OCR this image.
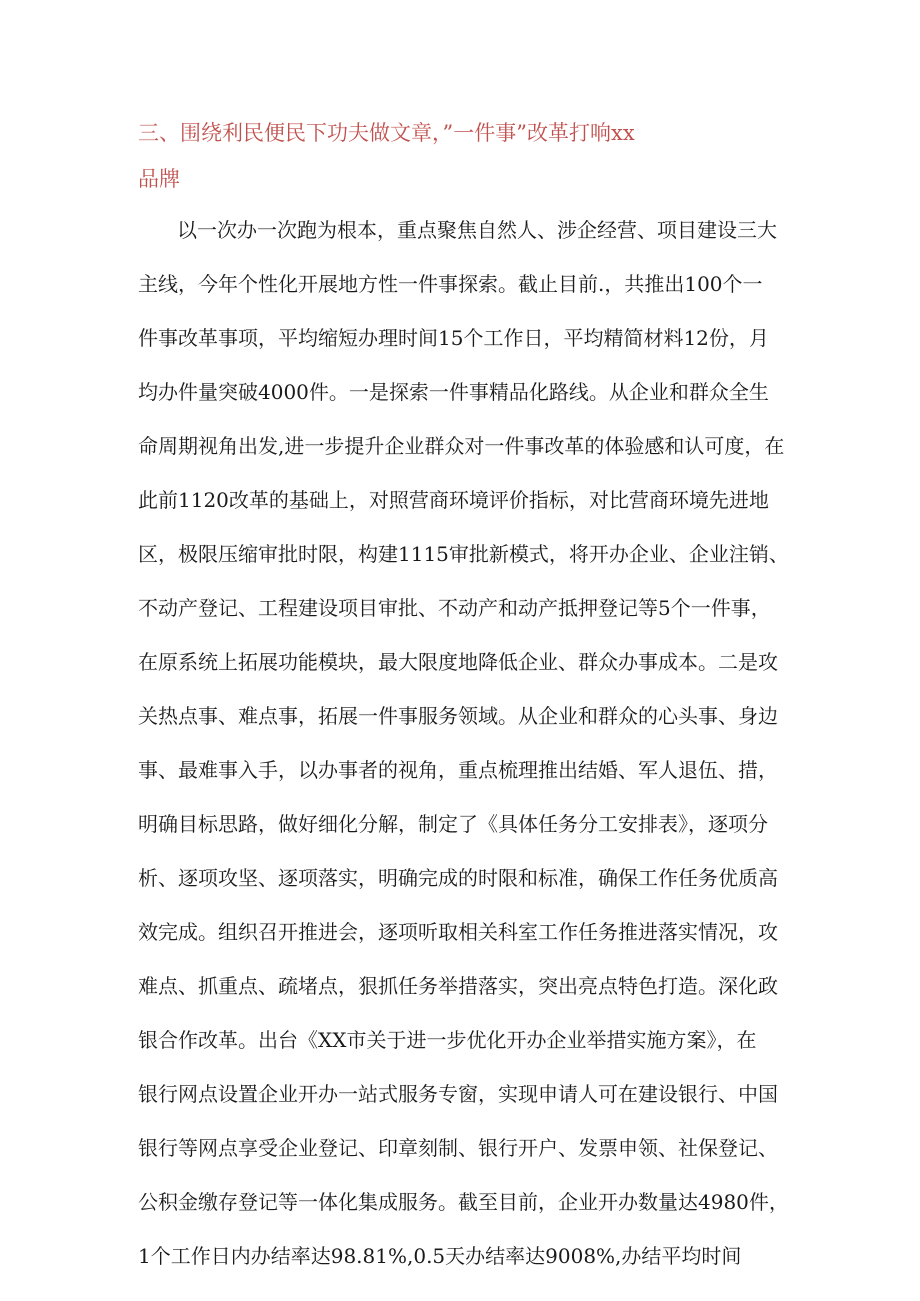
三、围绕利民便民下功夫做文章，”一件事”改革打响xx
品牌

以一次办一次跑为根本，重点聚焦自然人、涉企经营、项目建设三大

主线，今年个性化开展地方性一件事探索。截止目前.，共推出100个一

件事改革事项，平均缩短办理时间15个工作日，平均精简材料12份，月

均办件量突破4000件。一是探索一件事精品化路线。从企业和群众全生

命周期视角出发,进一步提升企业群众对一件事改革的体验感和认可度，在

此前1120改革的基础上，对照营商环境评价指标，对比营商环境先进地

区，极限压缩审批时限，构建1115审批新模式，将开办企业、企业注销、

不动产登记、工程建设项目审批、不动产和动产抵押登记等5个一件事，

在原系统上拓展功能模块，最大限度地降低企业、群众办事成本。二是攻

关热点事、难点事，拓展一件事服务领域。从企业和群众的心头事、身边

事、最难事入手，以办事者的视角，重点梳理推出结婚、军人退伍、措，

明确目标思路，做好细化分解，制定了《具体任务分工安排表》，逐项分

析、逐项攻坚、逐项落实，明确完成的时限和标准，确保工作任务优质高

效完成。组织召开推进会，逐项听取相关科室工作任务推进落实情况，攻

难点、抓重点、疏堵点，狠抓任务举措落实，突出亮点特色打造。深化政

银合作改革。出台《XX市关于进一步优化开办企业举措实施方案》，在

银行网点设置企业开办一站式服务专窗，实现申请人可在建设银行、中国

银行等网点享受企业登记、印章刻制、银行开户、发票申领、社保登记、

公积金缴存登记等一体化集成服务。截至目前，企业开办数量达4980件，

1个工作日内办结率达98.81%,0.5天办结率达9008%,办结平均时间
